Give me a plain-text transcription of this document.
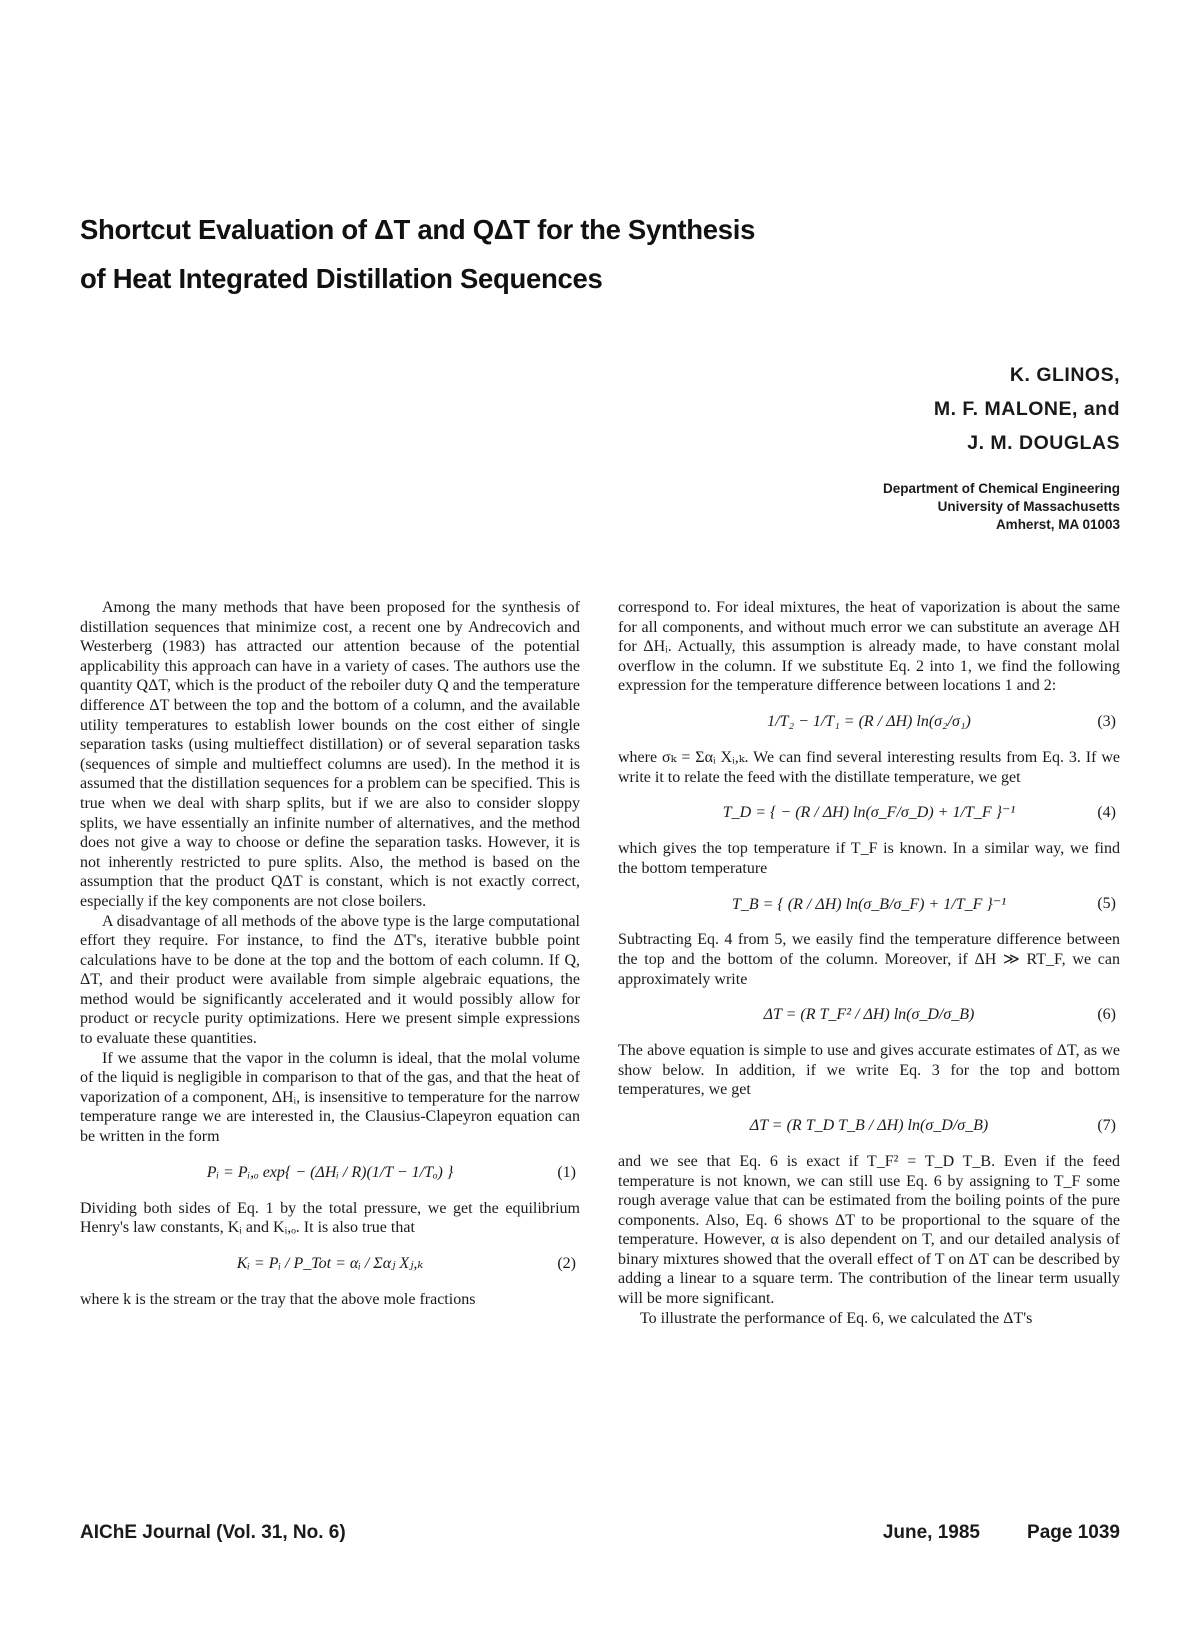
Shortcut Evaluation of ΔT and QΔT for the Synthesis
of Heat Integrated Distillation Sequences
K. GLINOS,
M. F. MALONE, and
J. M. DOUGLAS
Department of Chemical Engineering
University of Massachusetts
Amherst, MA 01003

Among the many methods that have been proposed for the synthesis of distillation sequences that minimize cost, a recent one by Andrecovich and Westerberg (1983) has attracted our attention because of the potential applicability this approach can have in a variety of cases. The authors use the quantity QΔT, which is the product of the reboiler duty Q and the temperature difference ΔT between the top and the bottom of a column, and the available utility temperatures to establish lower bounds on the cost either of single separation tasks (using multieffect distillation) or of several separation tasks (sequences of simple and multieffect columns are used). In the method it is assumed that the distillation sequences for a problem can be specified. This is true when we deal with sharp splits, but if we are also to consider sloppy splits, we have essentially an infinite number of alternatives, and the method does not give a way to choose or define the separation tasks. However, it is not inherently restricted to pure splits. Also, the method is based on the assumption that the product QΔT is constant, which is not exactly correct, especially if the key components are not close boilers.

A disadvantage of all methods of the above type is the large computational effort they require. For instance, to find the ΔT's, iterative bubble point calculations have to be done at the top and the bottom of each column. If Q, ΔT, and their product were available from simple algebraic equations, the method would be significantly accelerated and it would possibly allow for product or recycle purity optimizations. Here we present simple expressions to evaluate these quantities.

If we assume that the vapor in the column is ideal, that the molal volume of the liquid is negligible in comparison to that of the gas, and that the heat of vaporization of a component, ΔHᵢ, is insensitive to temperature for the narrow temperature range we are interested in, the Clausius-Clapeyron equation can be written in the form

Pᵢ = Pᵢ,ₒ exp{ − (ΔHᵢ / R)(1/T − 1/Tₒ) }	(1)

Dividing both sides of Eq. 1 by the total pressure, we get the equilibrium Henry's law constants, Kᵢ and Kᵢ,ₒ. It is also true that

Kᵢ = Pᵢ / P_Tot = αᵢ / Σαⱼ Xⱼ,ₖ	(2)

where k is the stream or the tray that the above mole fractions

correspond to. For ideal mixtures, the heat of vaporization is about the same for all components, and without much error we can substitute an average ΔH for ΔHᵢ. Actually, this assumption is already made, to have constant molal overflow in the column. If we substitute Eq. 2 into 1, we find the following expression for the temperature difference between locations 1 and 2:

1/T₂ − 1/T₁ = (R / ΔH) ln(σ₂/σ₁)	(3)

where σₖ = Σαᵢ Xᵢ,ₖ. We can find several interesting results from Eq. 3. If we write it to relate the feed with the distillate temperature, we get

T_D = { − (R / ΔH) ln(σ_F/σ_D) + 1/T_F }⁻¹	(4)

which gives the top temperature if T_F is known. In a similar way, we find the bottom temperature

T_B = { (R / ΔH) ln(σ_B/σ_F) + 1/T_F }⁻¹	(5)

Subtracting Eq. 4 from 5, we easily find the temperature difference between the top and the bottom of the column. Moreover, if ΔH ≫ RT_F, we can approximately write

ΔT = (R T_F² / ΔH) ln(σ_D/σ_B)	(6)

The above equation is simple to use and gives accurate estimates of ΔT, as we show below. In addition, if we write Eq. 3 for the top and bottom temperatures, we get

ΔT = (R T_D T_B / ΔH) ln(σ_D/σ_B)	(7)

and we see that Eq. 6 is exact if T_F² = T_D T_B. Even if the feed temperature is not known, we can still use Eq. 6 by assigning to T_F some rough average value that can be estimated from the boiling points of the pure components. Also, Eq. 6 shows ΔT to be proportional to the square of the temperature. However, α is also dependent on T, and our detailed analysis of binary mixtures showed that the overall effect of T on ΔT can be described by adding a linear to a square term. The contribution of the linear term usually will be more significant.

To illustrate the performance of Eq. 6, we calculated the ΔT's

AIChE Journal (Vol. 31, No. 6)	June, 1985 Page 1039
